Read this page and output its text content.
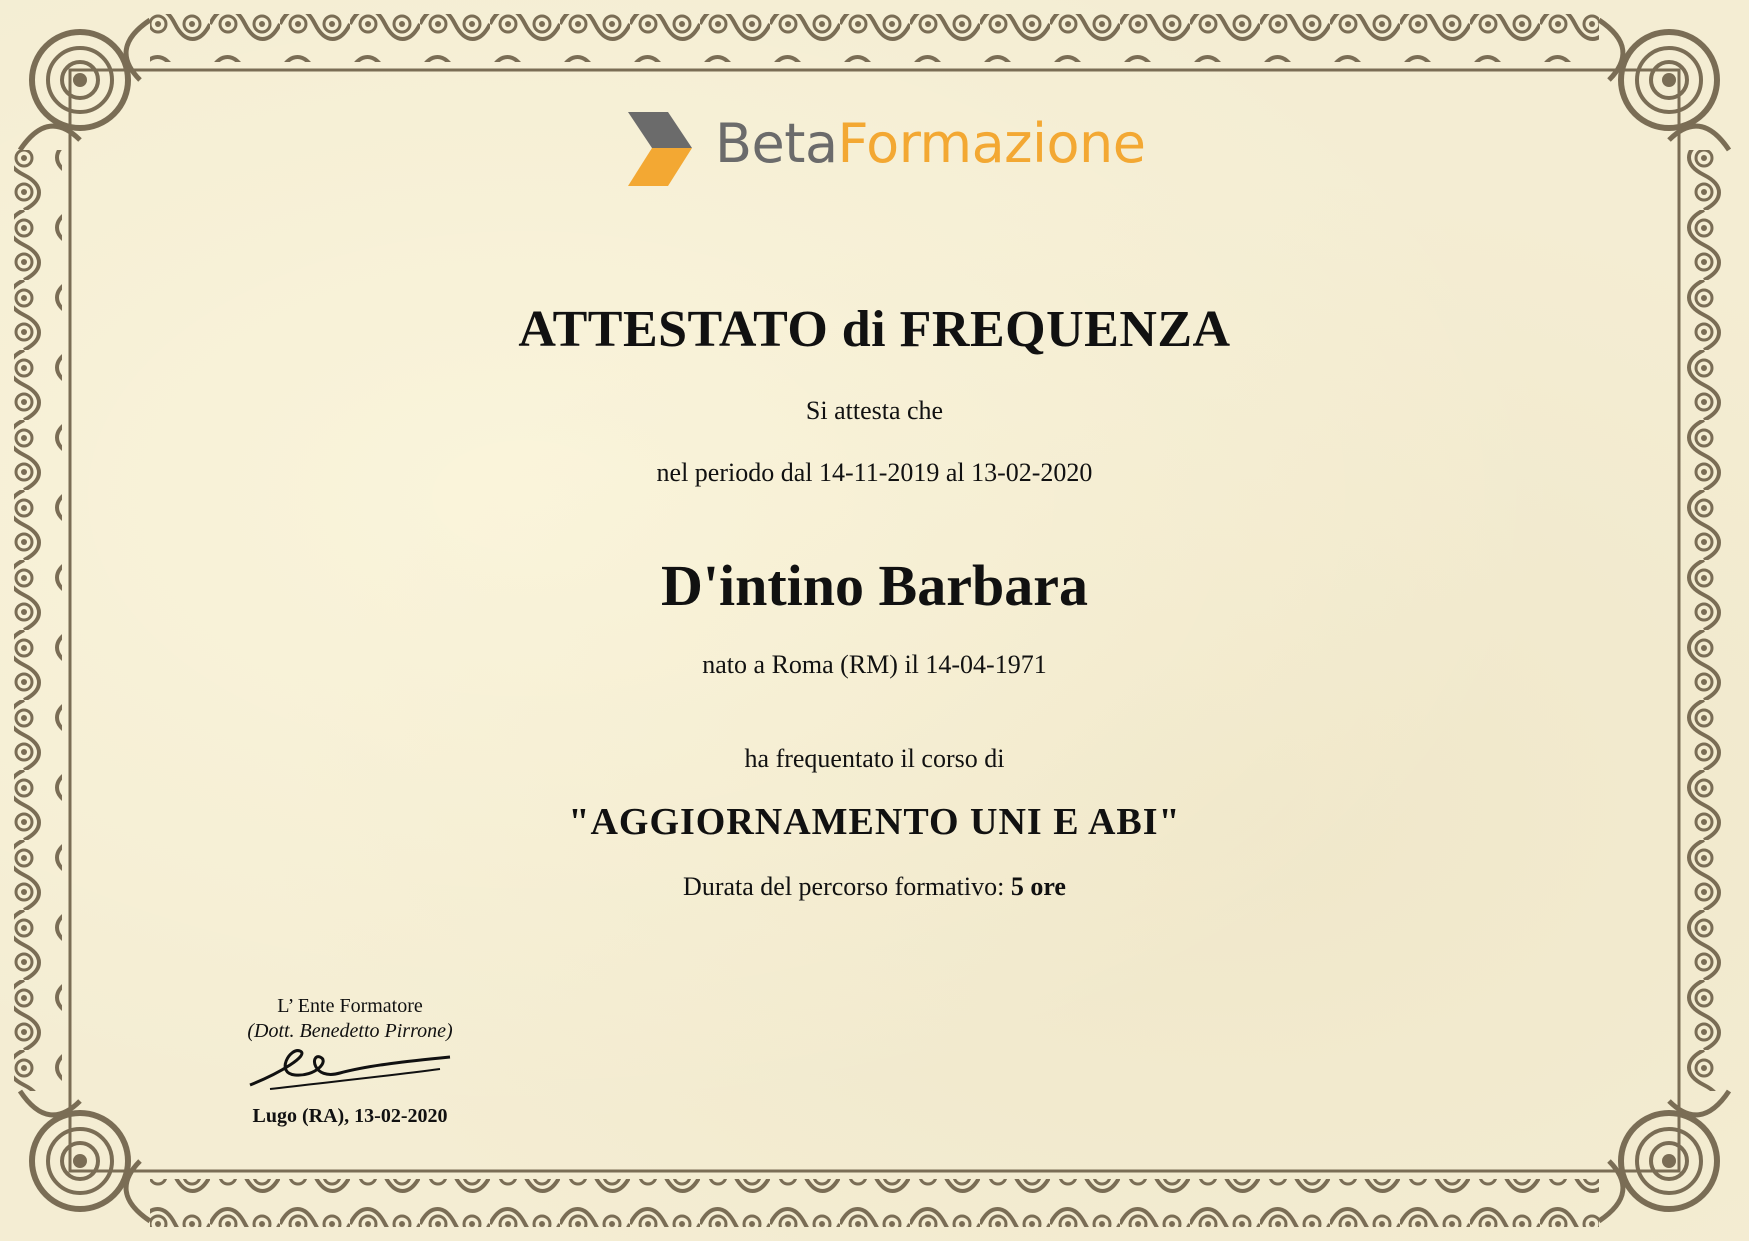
BetaFormazione
ATTESTATO di FREQUENZA
Si attesta che
nel periodo dal 14-11-2019 al 13-02-2020
D'intino Barbara
nato a Roma (RM) il 14-04-1971
ha frequentato il corso di
"AGGIORNAMENTO UNI E ABI"
Durata del percorso formativo: 5 ore
L’ Ente Formatore
(Dott. Benedetto Pirrone)
Lugo (RA), 13-02-2020
